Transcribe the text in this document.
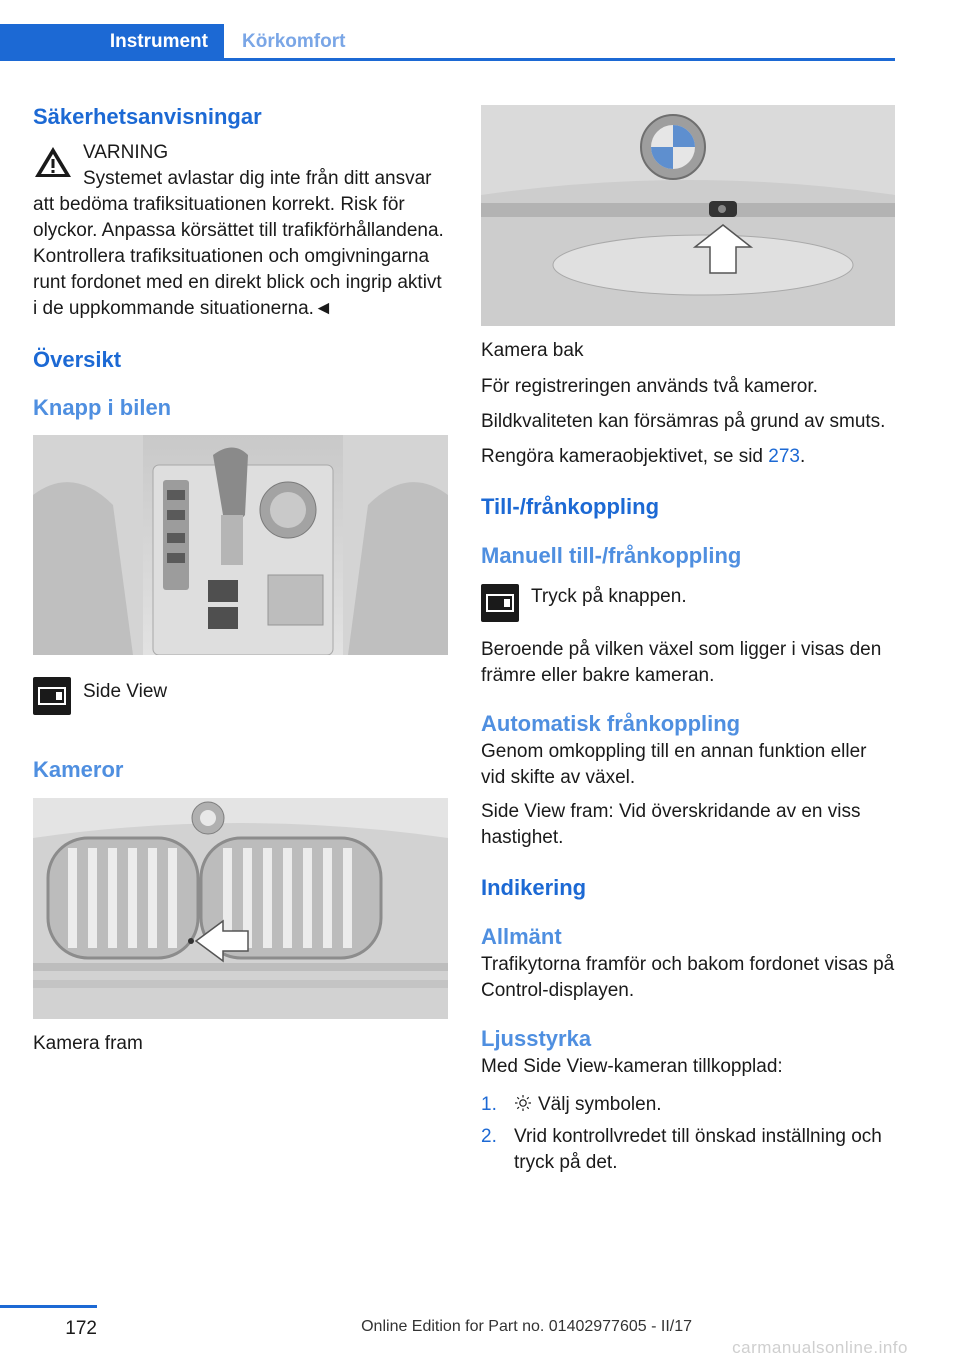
Instrument	Körkomfort
Säkerhetsanvisningar
VARNING

Systemet avlastar dig inte från ditt ansvar att bedöma trafiksituationen korrekt. Risk för olyckor. Anpassa körsättet till trafikförhållandena. Kontrollera trafiksituationen och omgivningarna runt fordonet med en direkt blick och ingrip aktivt i de uppkommande situationerna.◄

Översikt
Knapp i bilen

Side View

Kameror

Kamera fram

Kamera bak

För registreringen används två kameror.

Bildkvaliteten kan försämras på grund av smuts.

Rengöra kameraobjektivet, se sid 273.

Till-/frånkoppling
Manuell till-/frånkoppling

Tryck på knappen.

Beroende på vilken växel som ligger i visas den främre eller bakre kameran.

Automatisk frånkoppling

Genom omkoppling till en annan funktion eller vid skifte av växel.

Side View fram: Vid överskridande av en viss hastighet.

Indikering
Allmänt

Trafikytorna framför och bakom fordonet visas på Control-displayen.

Ljusstyrka

Med Side View-kameran tillkopplad:

1. Välj symbolen.
2. Vrid kontrollvredet till önskad inställning och tryck på det.
172	Online Edition for Part no. 01402977605 - II/17
carmanualsonline.info
